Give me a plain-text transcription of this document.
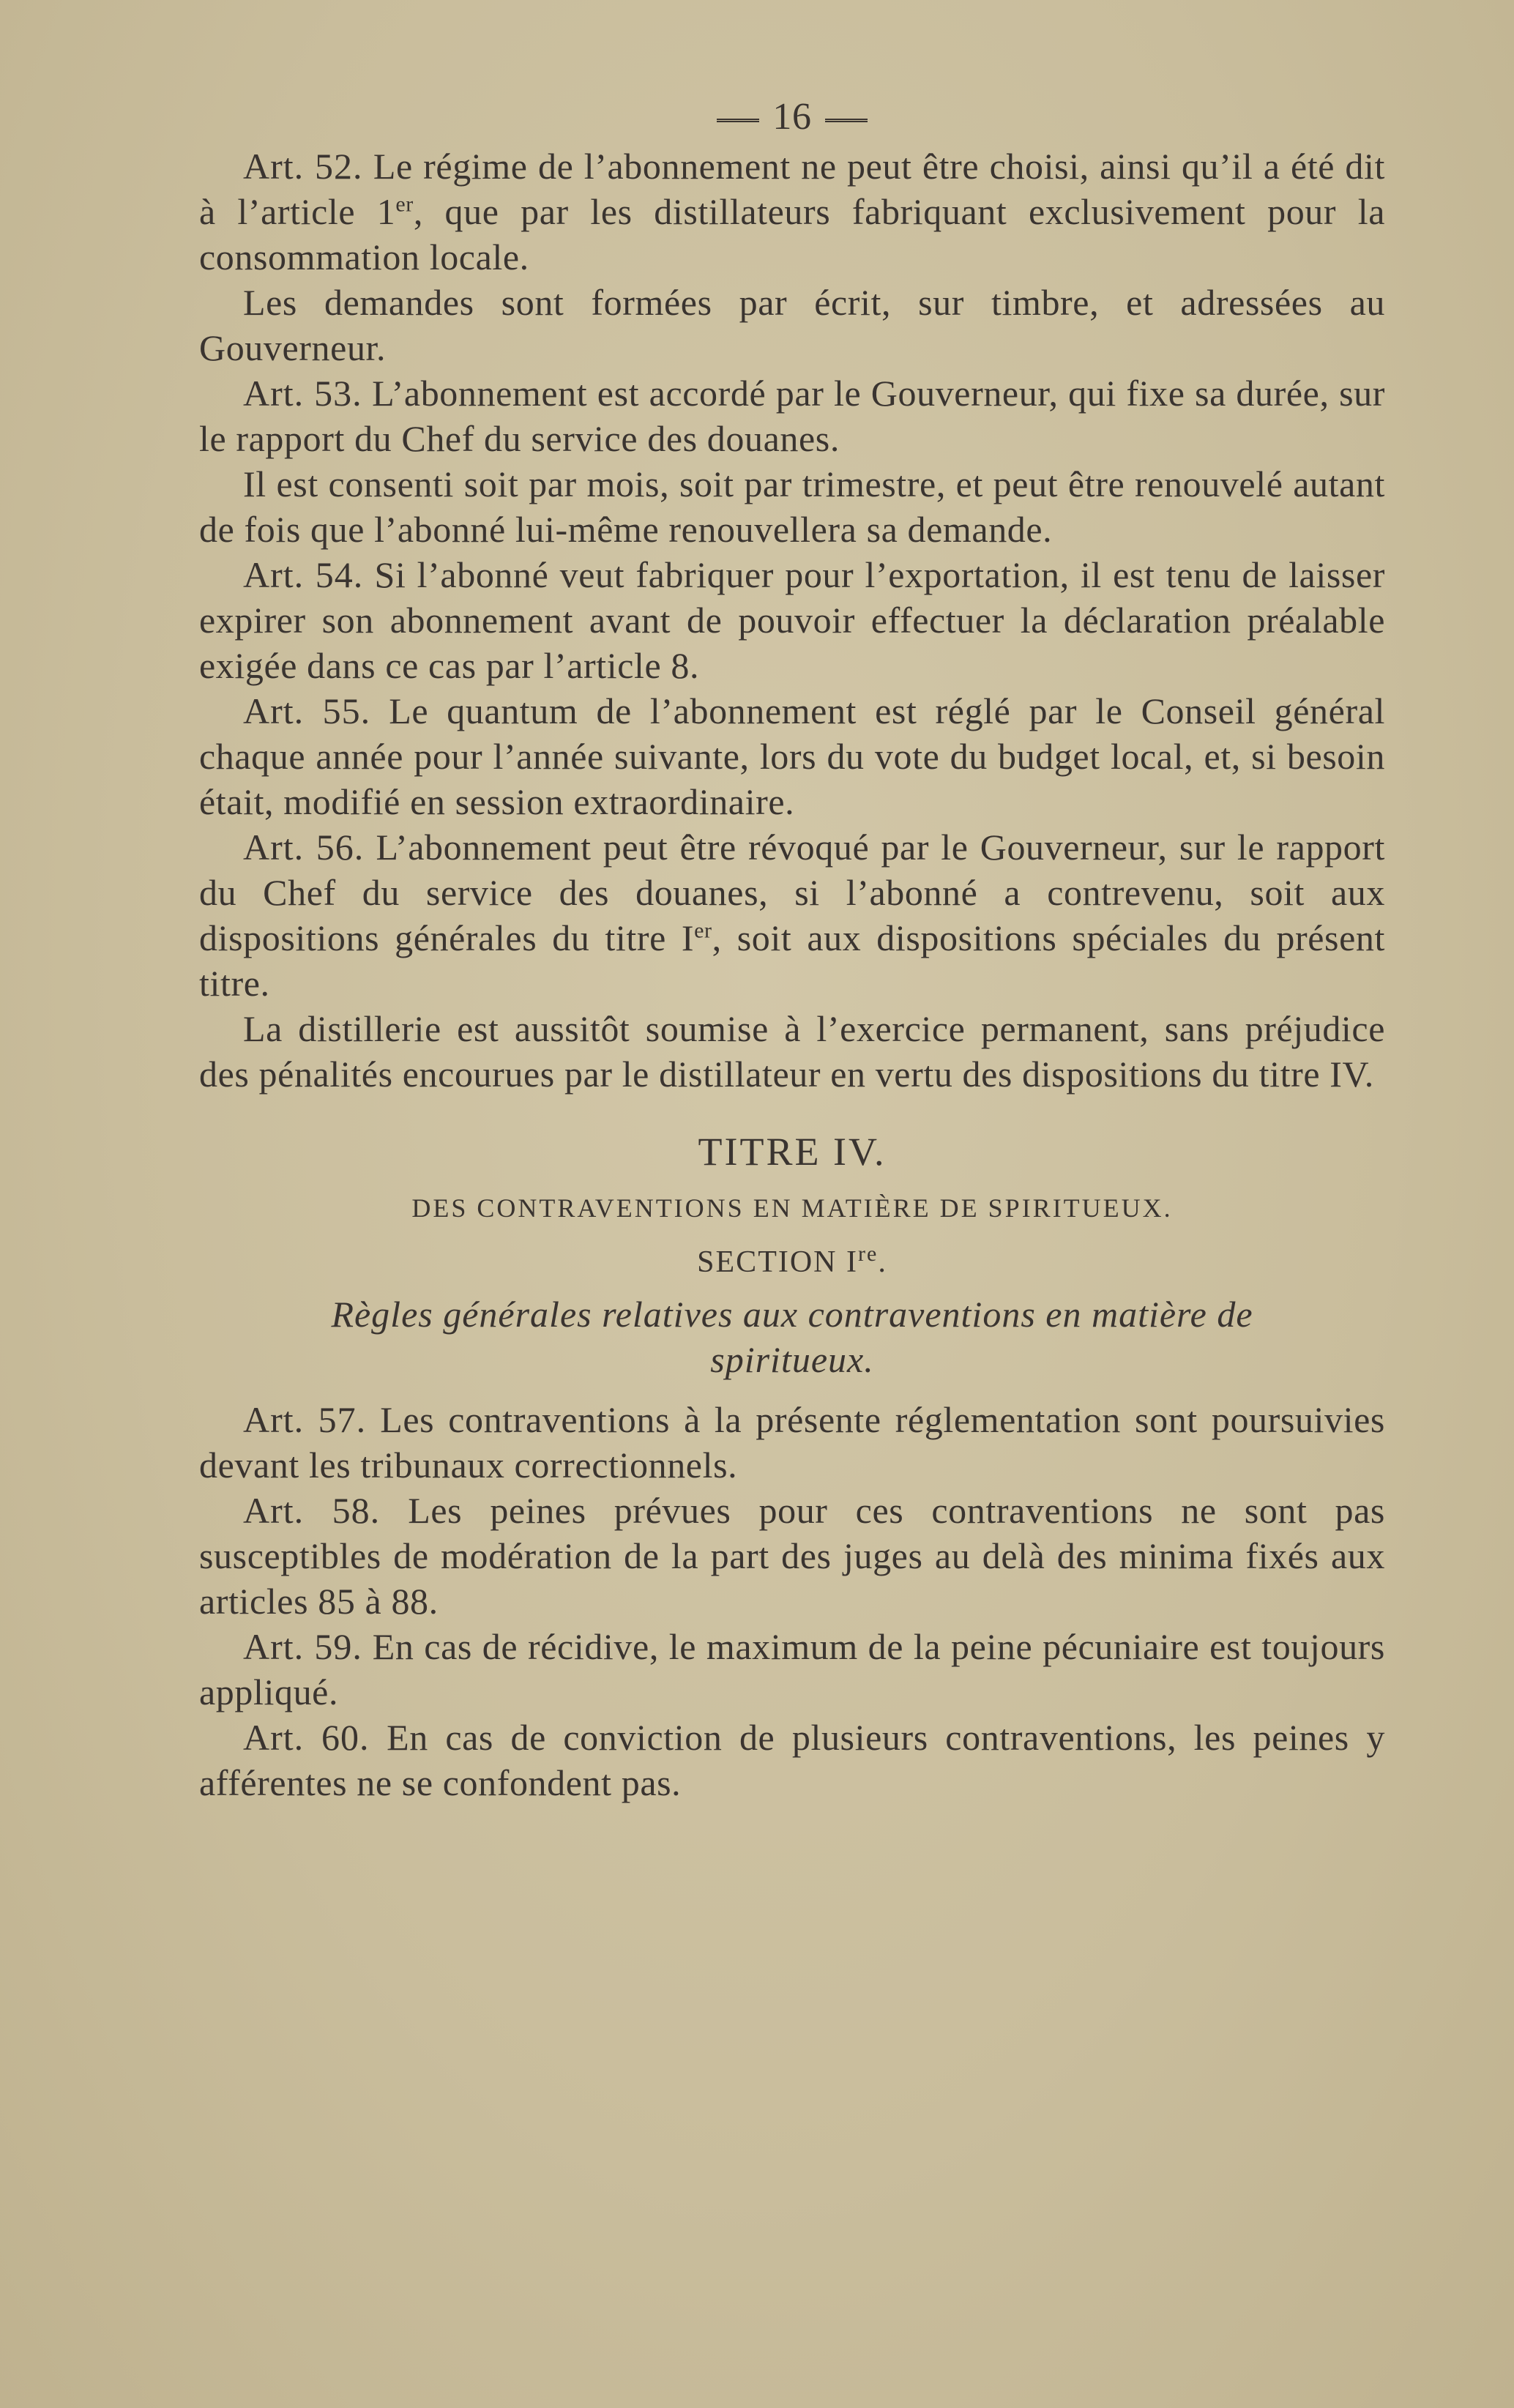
16

Art. 52. Le régime de l’abonnement ne peut être choisi, ainsi qu’il a été dit à l’article 1er, que par les distillateurs fabriquant exclusivement pour la consommation locale.

Les demandes sont formées par écrit, sur timbre, et adressées au Gouverneur.

Art. 53. L’abonnement est accordé par le Gouverneur, qui fixe sa durée, sur le rapport du Chef du service des douanes.

Il est consenti soit par mois, soit par trimestre, et peut être renouvelé autant de fois que l’abonné lui-même renouvellera sa demande.

Art. 54. Si l’abonné veut fabriquer pour l’exportation, il est tenu de laisser expirer son abonnement avant de pouvoir effectuer la déclaration préalable exigée dans ce cas par l’article 8.

Art. 55. Le quantum de l’abonnement est réglé par le Conseil général chaque année pour l’année suivante, lors du vote du budget local, et, si besoin était, modifié en session extraordinaire.

Art. 56. L’abonnement peut être révoqué par le Gouverneur, sur le rapport du Chef du service des douanes, si l’abonné a contrevenu, soit aux dispositions générales du titre Ier, soit aux dispositions spéciales du présent titre.

La distillerie est aussitôt soumise à l’exercice permanent, sans préjudice des pénalités encourues par le distillateur en vertu des dispositions du titre IV.

TITRE IV.
DES CONTRAVENTIONS EN MATIÈRE DE SPIRITUEUX.
SECTION Ire.
Règles générales relatives aux contraventions en matière de spiritueux.

Art. 57. Les contraventions à la présente réglementation sont poursuivies devant les tribunaux correctionnels.

Art. 58. Les peines prévues pour ces contraventions ne sont pas susceptibles de modération de la part des juges au delà des minima fixés aux articles 85 à 88.

Art. 59. En cas de récidive, le maximum de la peine pécuniaire est toujours appliqué.

Art. 60. En cas de conviction de plusieurs contraventions, les peines y afférentes ne se confondent pas.
